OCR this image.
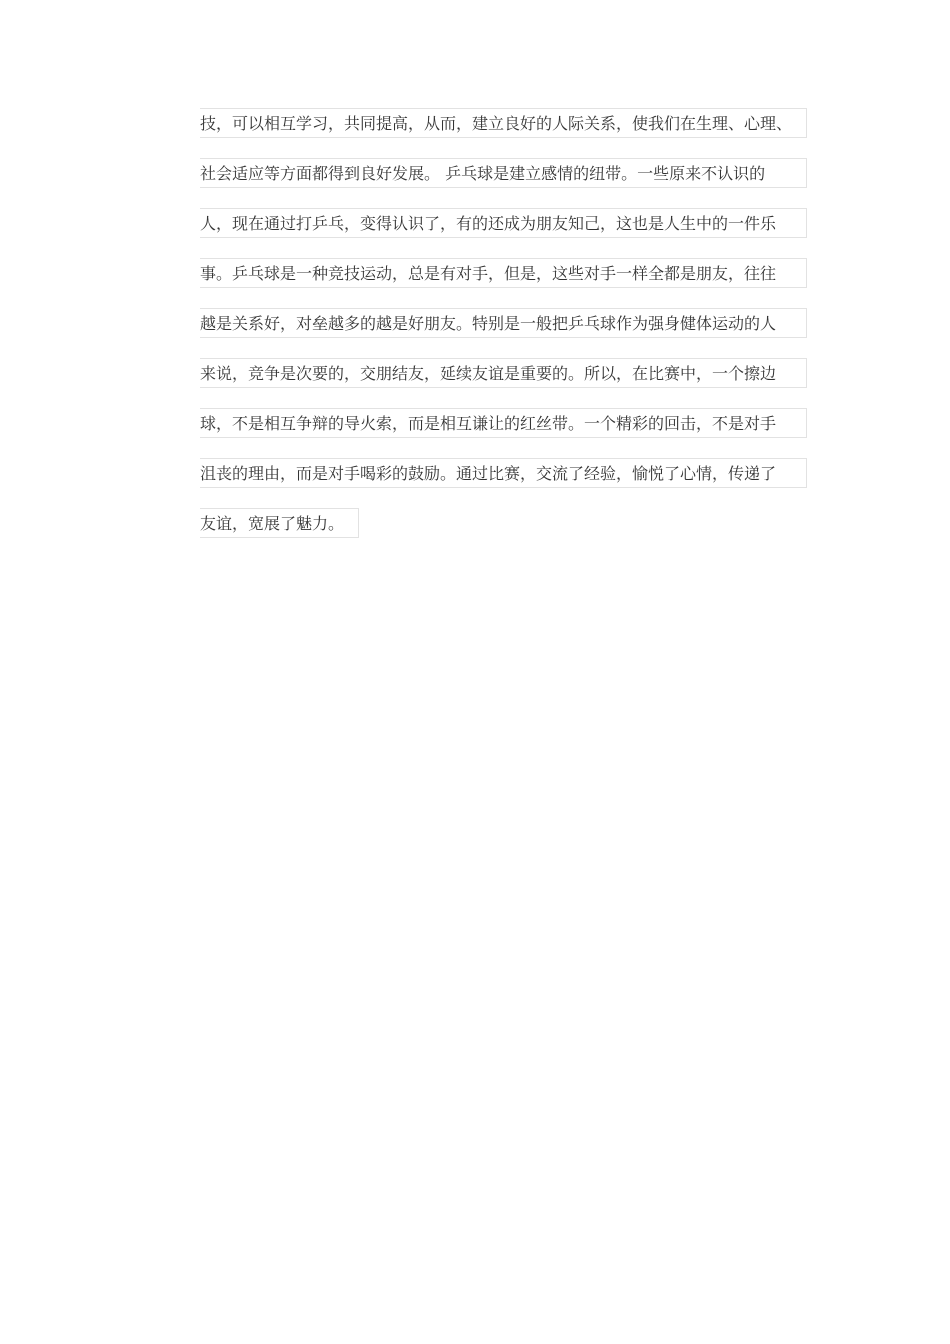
技，可以相互学习，共同提高，从而，建立良好的人际关系，使我们在生理、心理、
社会适应等方面都得到良好发展。 乒乓球是建立感情的纽带。一些原来不认识的
人，现在通过打乒乓，变得认识了，有的还成为朋友知己，这也是人生中的一件乐
事。乒乓球是一种竞技运动，总是有对手，但是，这些对手一样全都是朋友，往往
越是关系好，对垒越多的越是好朋友。特别是一般把乒乓球作为强身健体运动的人
来说，竞争是次要的，交朋结友，延续友谊是重要的。所以，在比赛中，一个擦边
球，不是相互争辩的导火索，而是相互谦让的红丝带。一个精彩的回击，不是对手
沮丧的理由，而是对手喝彩的鼓励。通过比赛，交流了经验，愉悦了心情，传递了
友谊，宽展了魅力。
